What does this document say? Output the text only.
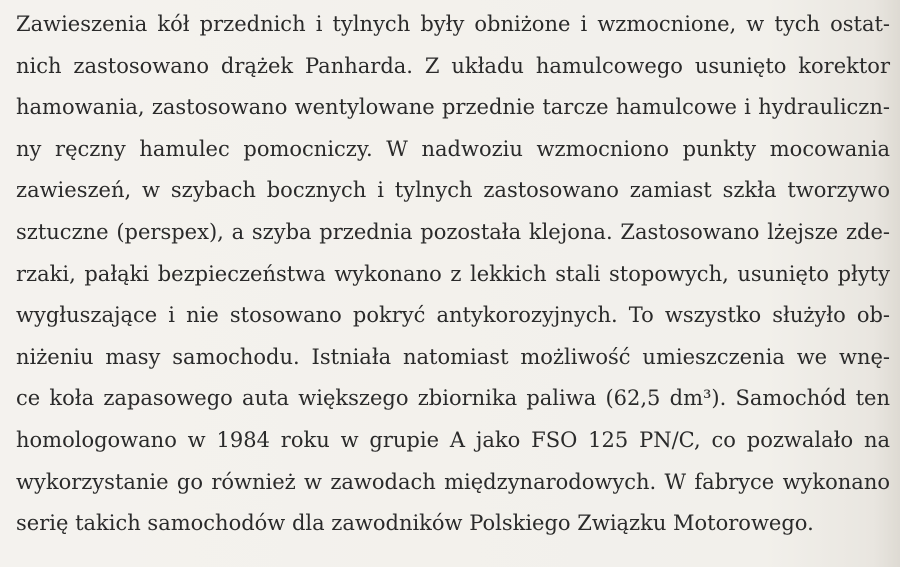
Zawieszenia kół przednich i tylnych były obniżone i wzmocnione, w tych ostat-
nich zastosowano drążek Panharda. Z układu hamulcowego usunięto korektor
hamowania, zastosowano wentylowane przednie tarcze hamulcowe i hydrauliczn-
ny ręczny hamulec pomocniczy. W nadwoziu wzmocniono punkty mocowania
zawieszeń, w szybach bocznych i tylnych zastosowano zamiast szkła tworzywo
sztuczne (perspex), a szyba przednia pozostała klejona. Zastosowano lżejsze zde-
rzaki, pałąki bezpieczeństwa wykonano z lekkich stali stopowych, usunięto płyty
wygłuszające i nie stosowano pokryć antykorozyjnych. To wszystko służyło ob-
niżeniu masy samochodu. Istniała natomiast możliwość umieszczenia we wnę-
ce koła zapasowego auta większego zbiornika paliwa (62,5 dm³). Samochód ten
homologowano w 1984 roku w grupie A jako FSO 125 PN/C, co pozwalało na
wykorzystanie go również w zawodach międzynarodowych. W fabryce wykonano
serię takich samochodów dla zawodników Polskiego Związku Motorowego.
